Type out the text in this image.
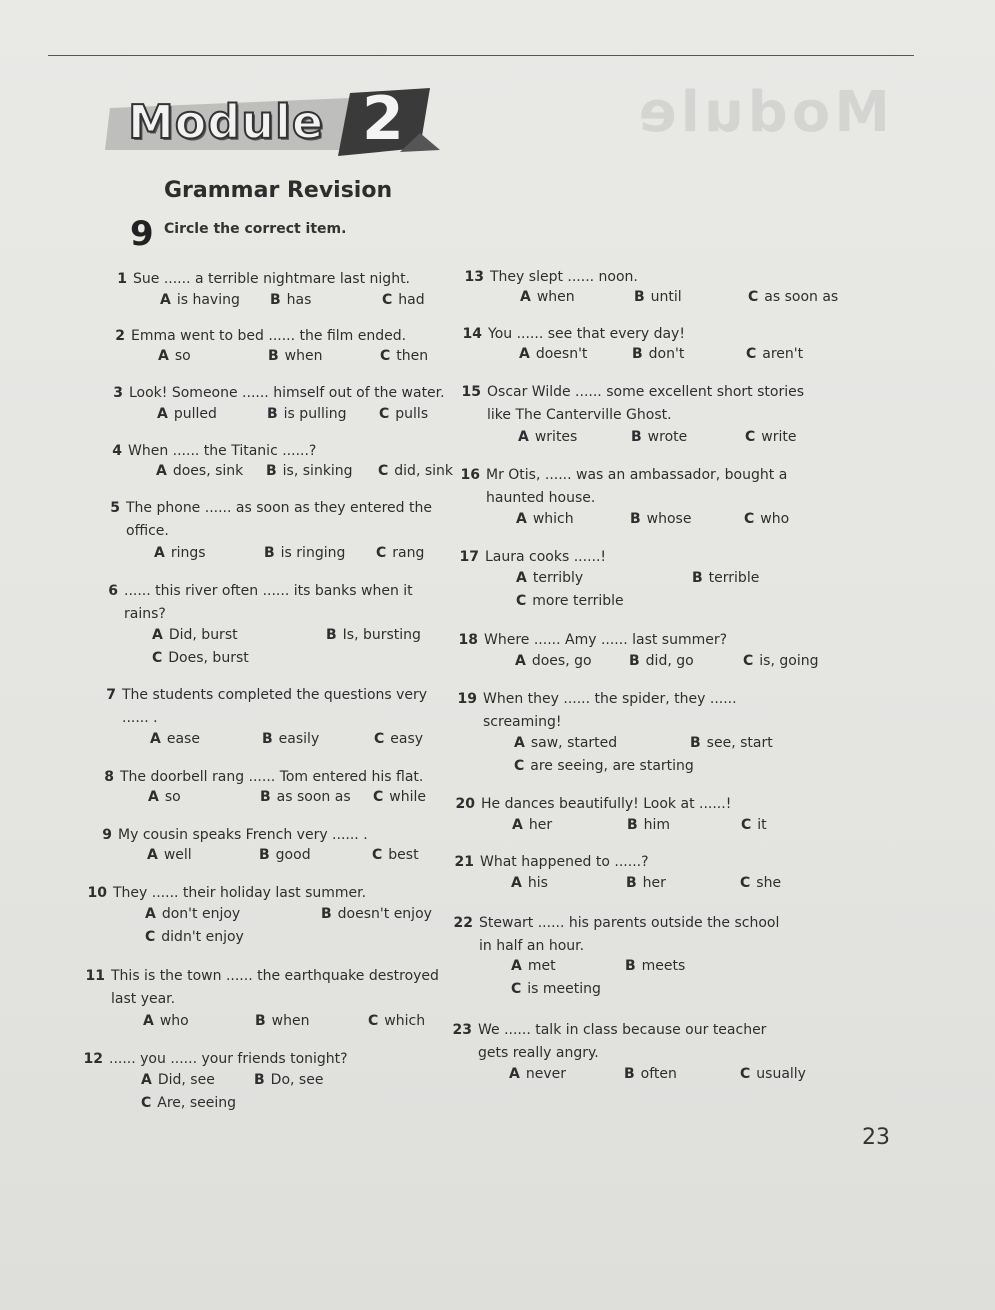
Module
Module 2
Grammar Revision
9 Circle the correct item.
23
1 Sue ...... a terrible nightmare last night.
A is having B has	C had
2 Emma went to bed ...... the film ended.
A so	B when	C then
3 Look! Someone ...... himself out of the water.
A pulled	B is pulling C pulls
4 When ...... the Titanic ......?
A does, sink B is, sinking C did, sink
5 The phone ...... as soon as they entered the
office.
A rings	B is ringing C rang
6 ...... this river often ...... its banks when it
rains?
A Did, burst	B Is, bursting
C Does, burst
7 The students completed the questions very
...... .
A ease	B easily	C easy
8 The doorbell rang ...... Tom entered his flat.
A so	B as soon as C while
9 My cousin speaks French very ...... .
A well	B good	C best
10 They ...... their holiday last summer.
A don't enjoy	B doesn't enjoy
C didn't enjoy
11 This is the town ...... the earthquake destroyed
last year.
A who	B when	C which
12 ...... you ...... your friends tonight?
A Did, see	B Do, see
C Are, seeing
13 They slept ...... noon.
A when	B until	C as soon as
14 You ...... see that every day!
A doesn't	B don't	C aren't
15 Oscar Wilde ...... some excellent short stories
like The Canterville Ghost.
A writes	B wrote	C write
16 Mr Otis, ...... was an ambassador, bought a
haunted house.
A which	B whose	C who
17 Laura cooks ......!
A terribly	B terrible
C more terrible
18 Where ...... Amy ...... last summer?
A does, go	B did, go	C is, going
19 When they ...... the spider, they ......
screaming!
A saw, started	B see, start
C are seeing, are starting
20 He dances beautifully! Look at ......!
A her	B him	C it
21 What happened to ......?
A his	B her	C she
22 Stewart ...... his parents outside the school
in half an hour.
A met	B meets
C is meeting
23 We ...... talk in class because our teacher
gets really angry.
A never	B often	C usually
